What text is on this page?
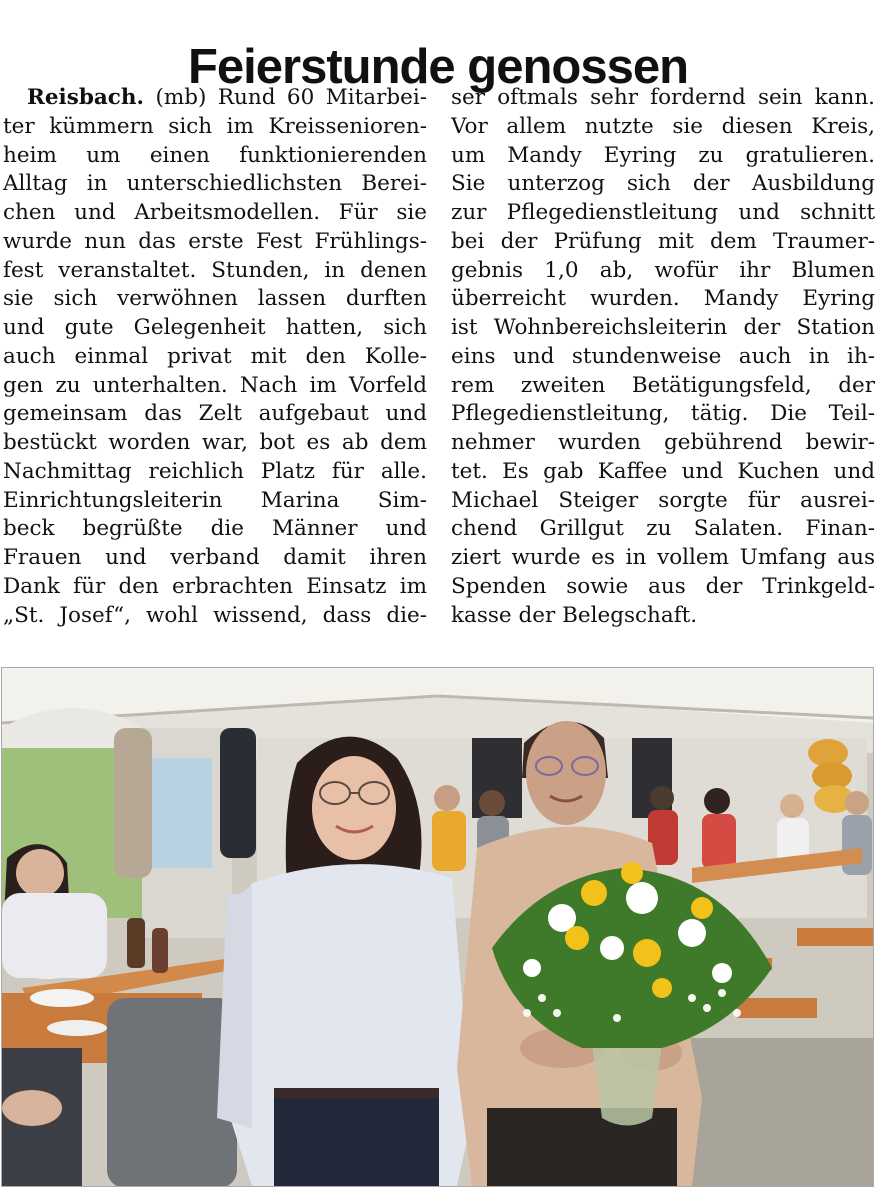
Feierstunde genossen
Reisbach. (mb) Rund 60 Mitarbei-
ter kümmern sich im Kreissenioren-
heim um einen funktionierenden
Alltag in unterschiedlichsten Berei-
chen und Arbeitsmodellen. Für sie
wurde nun das erste Fest Frühlings-
fest veranstaltet. Stunden, in denen
sie sich verwöhnen lassen durften
und gute Gelegenheit hatten, sich
auch einmal privat mit den Kolle-
gen zu unterhalten. Nach im Vorfeld
gemeinsam das Zelt aufgebaut und
bestückt worden war, bot es ab dem
Nachmittag reichlich Platz für alle.
Einrichtungsleiterin Marina Sim-
beck begrüßte die Männer und
Frauen und verband damit ihren
Dank für den erbrachten Einsatz im
„St. Josef“, wohl wissend, dass die-
ser oftmals sehr fordernd sein kann.
Vor allem nutzte sie diesen Kreis,
um Mandy Eyring zu gratulieren.
Sie unterzog sich der Ausbildung
zur Pflegedienstleitung und schnitt
bei der Prüfung mit dem Traumer-
gebnis 1,0 ab, wofür ihr Blumen
überreicht wurden. Mandy Eyring
ist Wohnbereichsleiterin der Station
eins und stundenweise auch in ih-
rem zweiten Betätigungsfeld, der
Pflegedienstleitung, tätig. Die Teil-
nehmer wurden gebührend bewir-
tet. Es gab Kaffee und Kuchen und
Michael Steiger sorgte für ausrei-
chend Grillgut zu Salaten. Finan-
ziert wurde es in vollem Umfang aus
Spenden sowie aus der Trinkgeld-
kasse der Belegschaft.
